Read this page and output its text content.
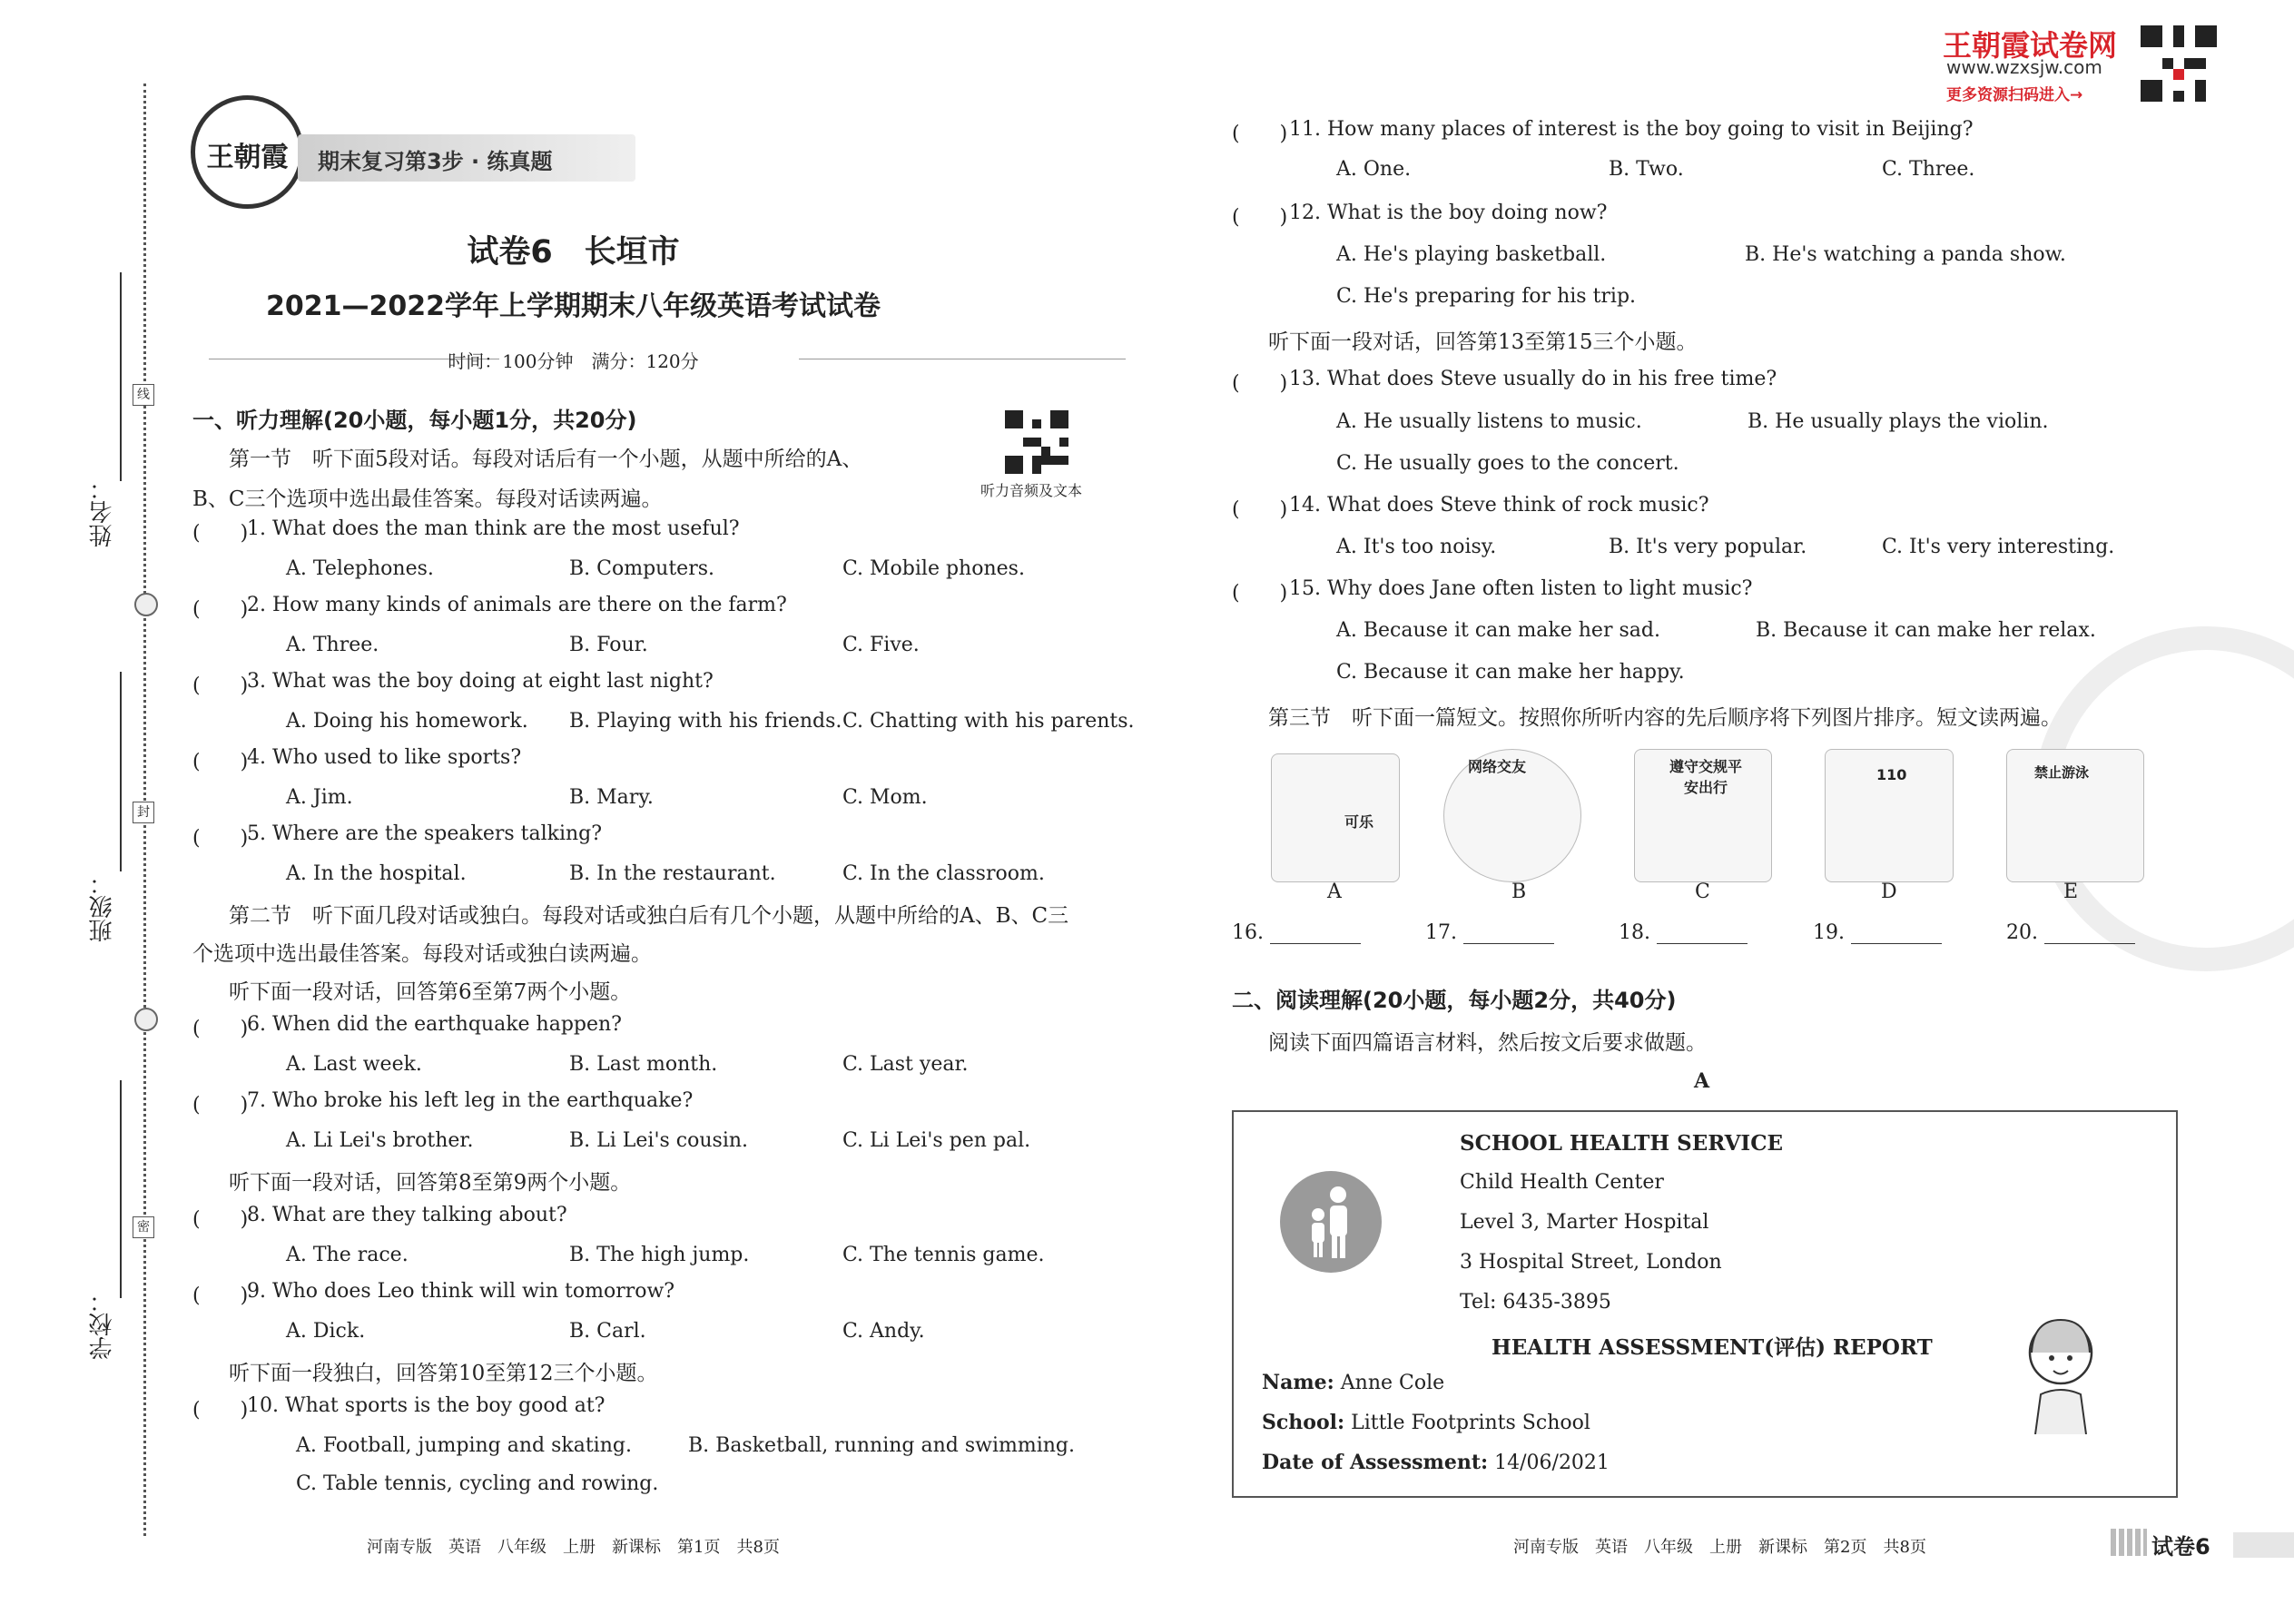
姓名：
班级：
学校：
线
封
密
王朝霞	期末复习第3步 · 练真题
试卷6　长垣市
2021—2022学年上学期期末八年级英语考试试卷
时间：100分钟　满分：120分
一、听力理解(20小题，每小题1分，共20分)
第一节　听下面5段对话。每段对话后有一个小题，从题中所给的A、
B、C三个选项中选出最佳答案。每段对话读两遍。	听力音频及文本
(　　)
1. What does the man think are the most useful?
A. Telephones.	B. Computers.	C. Mobile phones.
(　　)
2. How many kinds of animals are there on the farm?
A. Three.	B. Four.	C. Five.
(　　)
3. What was the boy doing at eight last night?
A. Doing his homework. B. Playing with his friends. C. Chatting with his parents.
(　　)
4. Who used to like sports?
A. Jim.	B. Mary.	C. Mom.
(　　)
5. Where are the speakers talking?
A. In the hospital.	B. In the restaurant.	C. In the classroom.
第二节　听下面几段对话或独白。每段对话或独白后有几个小题，从题中所给的A、B、C三
个选项中选出最佳答案。每段对话或独白读两遍。
听下面一段对话，回答第6至第7两个小题。
(　　)
6. When did the earthquake happen?
A. Last week.	B. Last month.	C. Last year.
(　　)
7. Who broke his left leg in the earthquake?
A. Li Lei's brother.	B. Li Lei's cousin.	C. Li Lei's pen pal.
听下面一段对话，回答第8至第9两个小题。
(　　)
8. What are they talking about?
A. The race.	B. The high jump.	C. The tennis game.
(　　)
9. Who does Leo think will win tomorrow?
A. Dick.	B. Carl.	C. Andy.
听下面一段独白，回答第10至第12三个小题。
(　　)
10. What sports is the boy good at?
A. Football, jumping and skating.	B. Basketball, running and swimming.
C. Table tennis, cycling and rowing.
河南专版　英语　八年级　上册　新课标　第1页　共8页
王朝霞试卷网
www.wzxsjw.com
更多资源扫码进入→
(　　) 11. How many places of interest is the boy going to visit in Beijing?
A. One.	B. Two.	C. Three.
(　　) 12. What is the boy doing now?
A. He's playing basketball.	B. He's watching a panda show.
C. He's preparing for his trip.
听下面一段对话，回答第13至第15三个小题。
(　　) 13. What does Steve usually do in his free time?
A. He usually listens to music.	B. He usually plays the violin.
C. He usually goes to the concert.
(　　) 14. What does Steve think of rock music?
A. It's too noisy.	B. It's very popular.	C. It's very interesting.
(　　) 15. Why does Jane often listen to light music?
A. Because it can make her sad.	B. Because it can make her relax.
C. Because it can make her happy.
第三节　听下面一篇短文。按照你所听内容的先后顺序将下列图片排序。短文读两遍。
可乐
网络交友	遵守交规平安出行
110	禁止游泳
A	B	C	D	E
16.	17.	18.	19.	20.
二、阅读理解(20小题，每小题2分，共40分)
阅读下面四篇语言材料，然后按文后要求做题。
A
SCHOOL HEALTH SERVICE
Child Health Center
Level 3, Marter Hospital
3 Hospital Street, London
Tel: 6435-3895
HEALTH ASSESSMENT(评估) REPORT
Name: Anne Cole
School: Little Footprints School
Date of Assessment: 14/06/2021
河南专版　英语　八年级　上册　新课标　第2页　共8页	试卷6
